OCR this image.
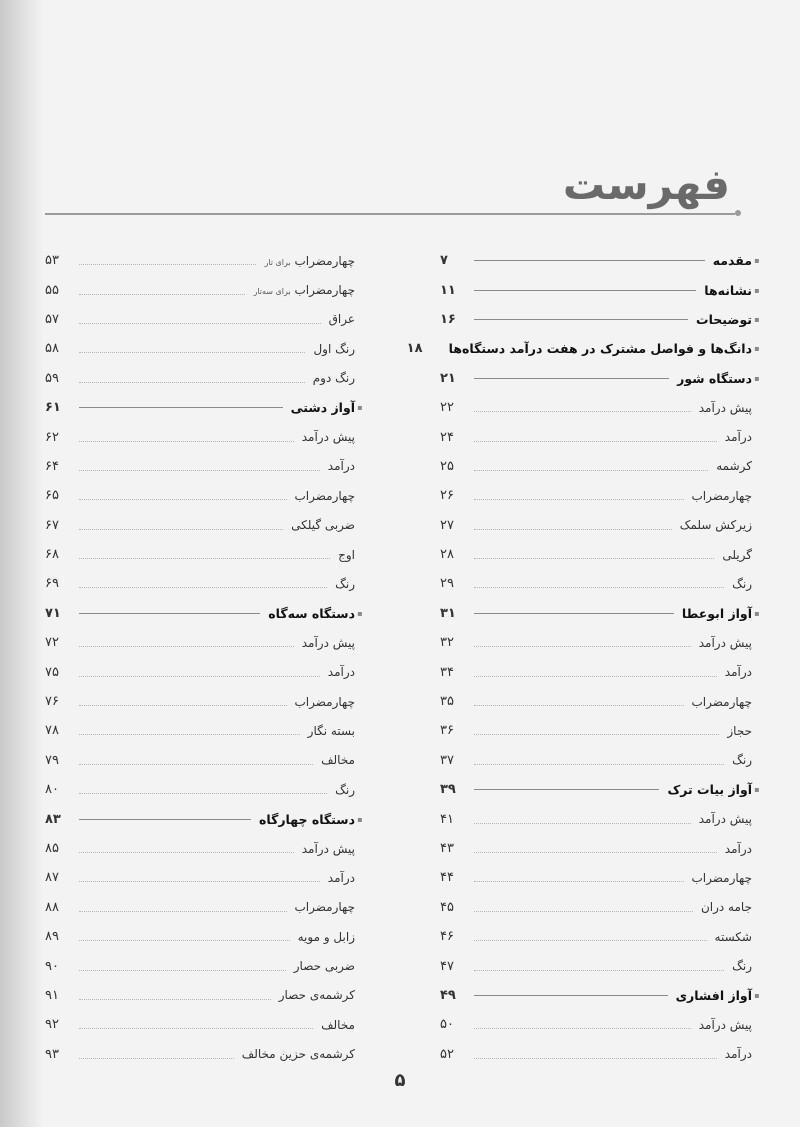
فهرست
▪
مقدمه
۷
▪
نشانه‌ها
۱۱
▪
توضیحات
۱۶
▪
دانگ‌ها و فواصل مشترک در هفت درآمد دستگاه‌ها
۱۸
▪
دستگاه شور
۲۱
پیش درآمد
۲۲
درآمد
۲۴
کرشمه
۲۵
چهارمضراب
۲۶
زیرکش سلمک
۲۷
گریلی
۲۸
رنگ
۲۹
▪
آواز ابوعطا
۳۱
پیش درآمد
۳۲
درآمد
۳۴
چهارمضراب
۳۵
حجاز
۳۶
رنگ
۳۷
▪
آواز بیات ترک
۳۹
پیش درآمد
۴۱
درآمد
۴۳
چهارمضراب
۴۴
جامه دران
۴۵
شکسته
۴۶
رنگ
۴۷
▪
آواز افشاری
۴۹
پیش درآمد
۵۰
درآمد
۵۲
چهارمضراب برای تار
۵۳
چهارمضراب برای سه‌تار
۵۵
عراق
۵۷
رنگ اول
۵۸
رنگ دوم
۵۹
▪
آواز دشتی
۶۱
پیش درآمد
۶۲
درآمد
۶۴
چهارمضراب
۶۵
ضربی گیلکی
۶۷
اوج
۶۸
رنگ
۶۹
▪
دستگاه سه‌گاه
۷۱
پیش درآمد
۷۲
درآمد
۷۵
چهارمضراب
۷۶
بسته نگار
۷۸
مخالف
۷۹
رنگ
۸۰
▪
دستگاه چهارگاه
۸۳
پیش درآمد
۸۵
درآمد
۸۷
چهارمضراب
۸۸
زابل و مویه
۸۹
ضربی حصار
۹۰
کرشمه‌ی حصار
۹۱
مخالف
۹۲
کرشمه‌ی حزین مخالف
۹۳
۵
